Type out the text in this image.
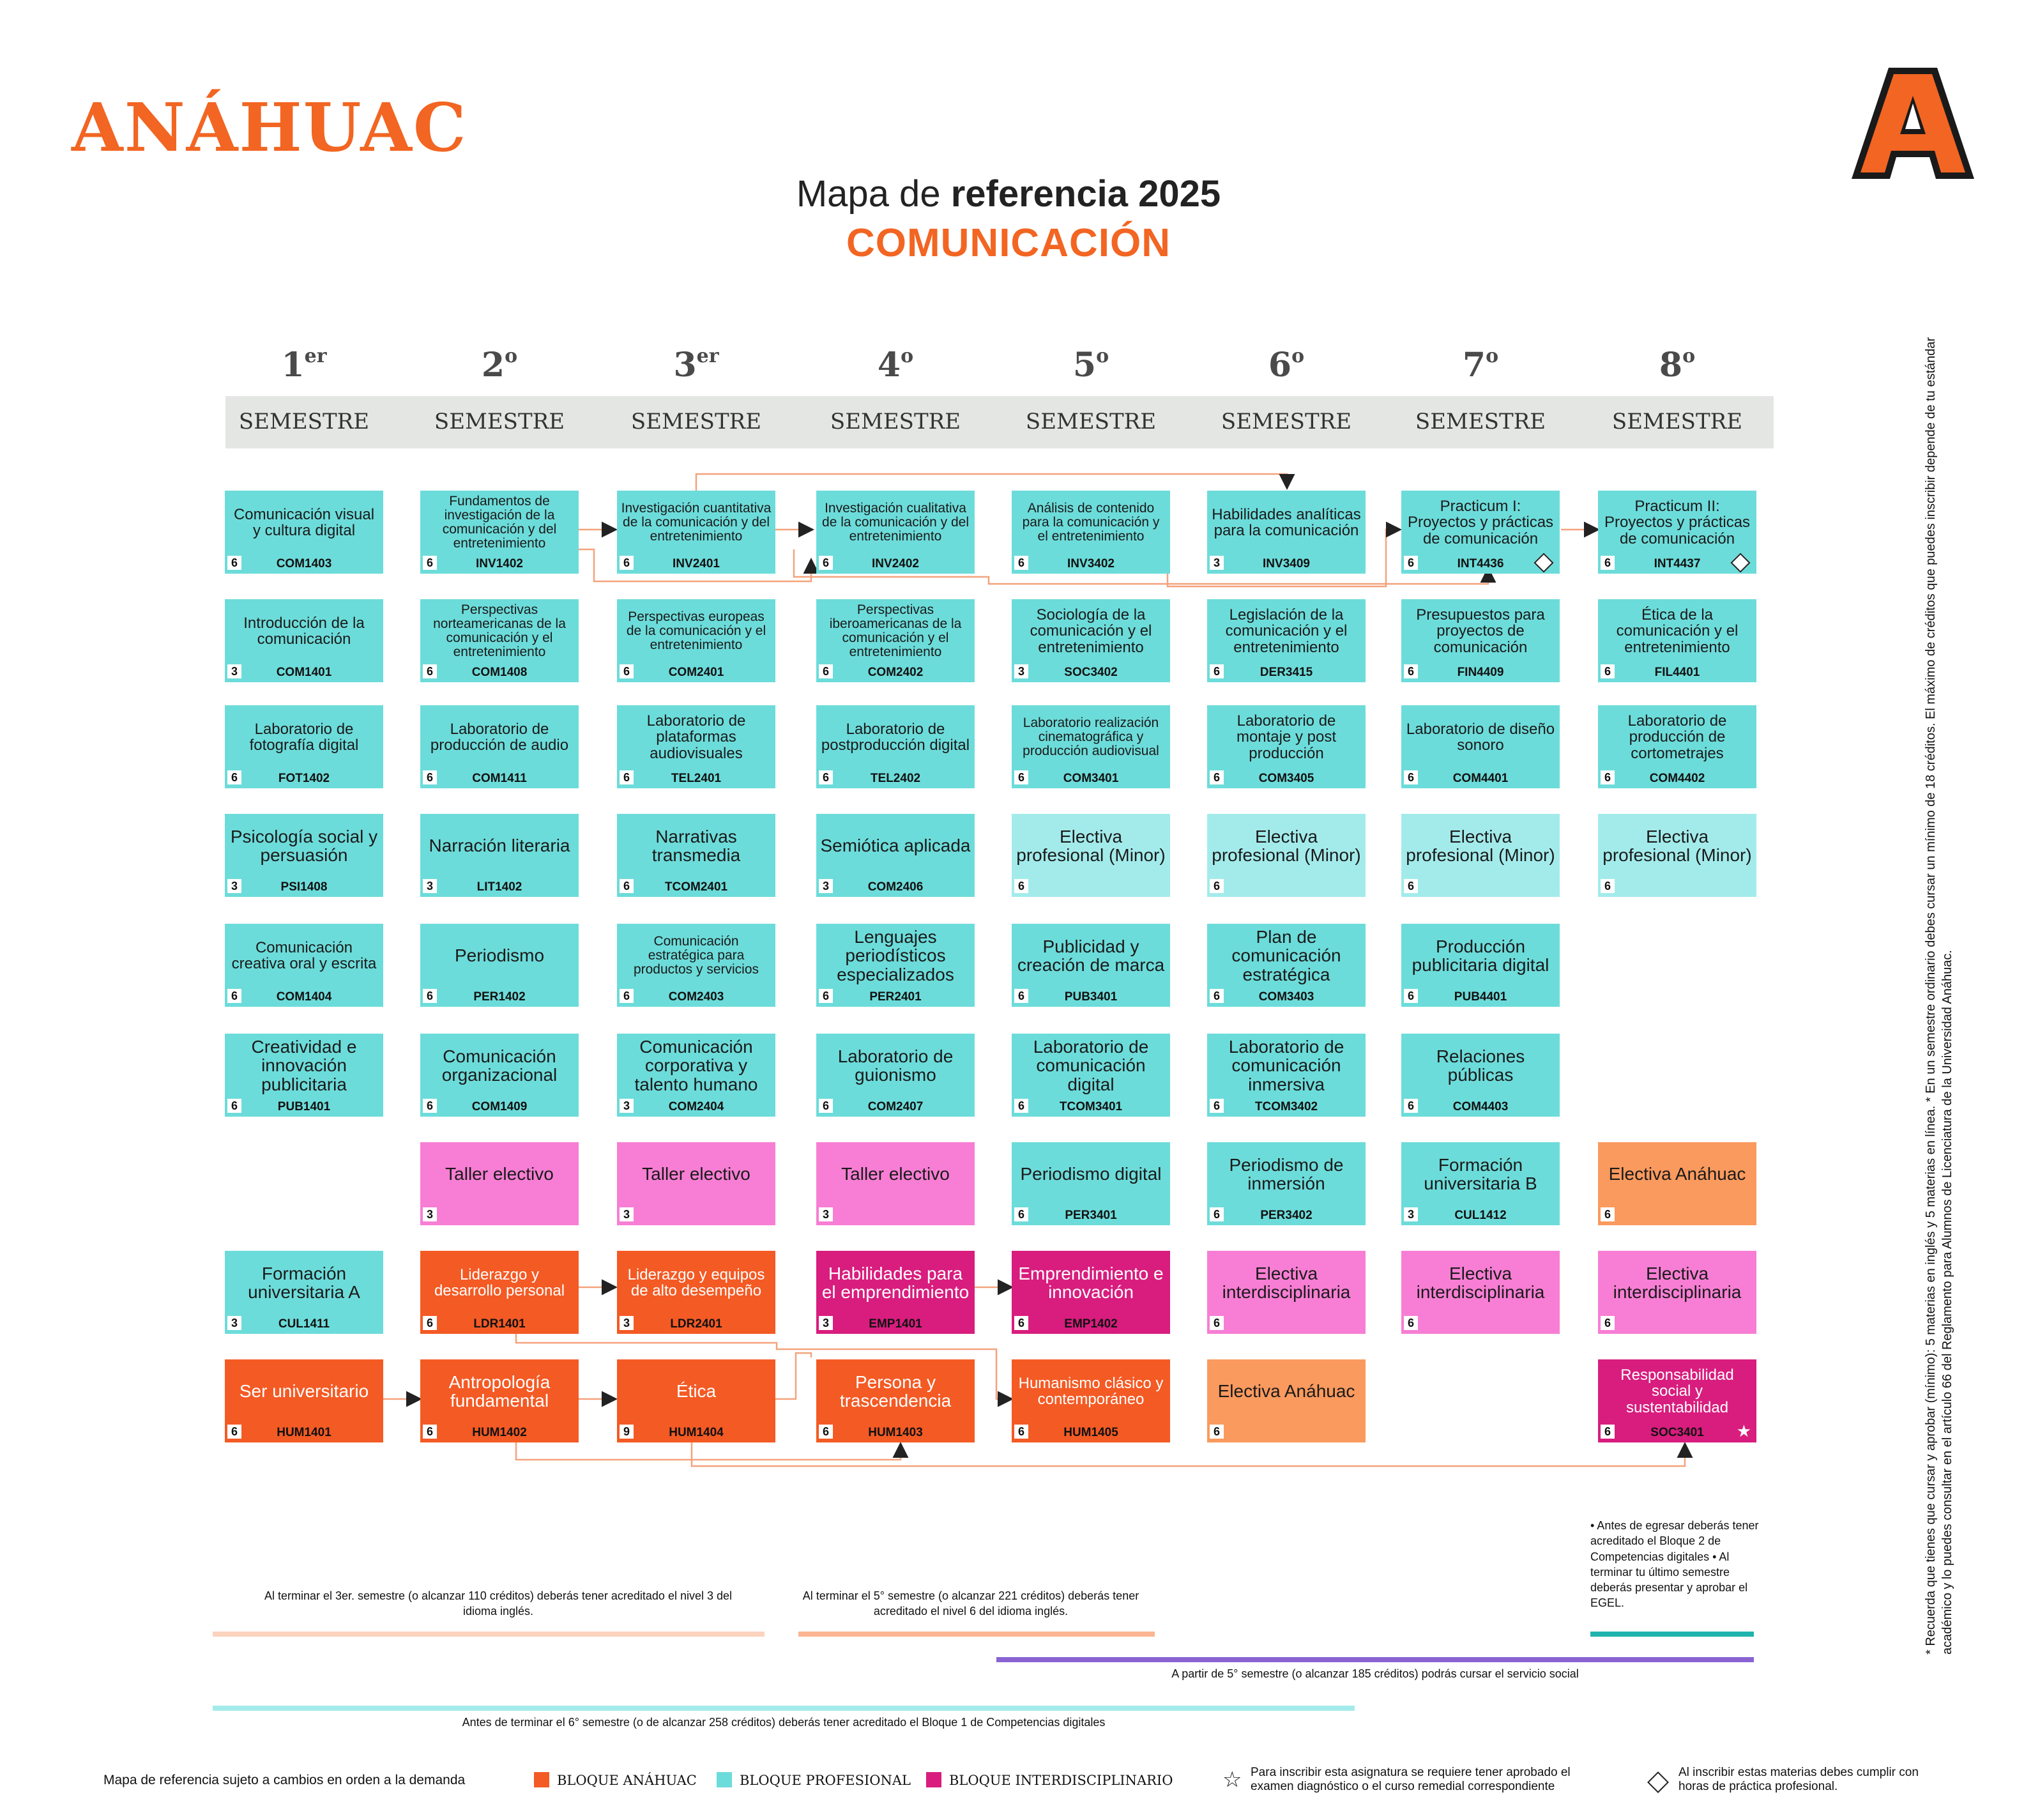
ANÁHUAC
Mapa de referencia 2025
COMUNICACIÓN
1er
SEMESTRE
2$^o$
SEMESTRE
3er
SEMESTRE
4$^o$
SEMESTRE
5$^o$
SEMESTRE
6$^o$
SEMESTRE
7$^o$
SEMESTRE
8$^o$
SEMESTRE
Comunicación visual y cultura digital
6	COM1403
Fundamentos de investigación de la comunicación y del entretenimiento
6	INV1402
Investigación cuantitativa de la comunicación y del entretenimiento
6	INV2401
Investigación cualitativa de la comunicación y del entretenimiento
6	INV2402
Análisis de contenido para la comunicación y el entretenimiento
6	INV3402
Habilidades analíticas para la comunicación
3	INV3409
Practicum I: Proyectos y prácticas de comunicación
6	INT4436
Practicum II: Proyectos y prácticas de comunicación
6	INT4437
Introducción de la comunicación
3	COM1401
Perspectivas norteamericanas de la comunicación y el entretenimiento
6	COM1408
Perspectivas europeas de la comunicación y el entretenimiento
6	COM2401
Perspectivas iberoamericanas de la comunicación y el entretenimiento
6	COM2402
Sociología de la comunicación y el entretenimiento
3	SOC3402
Legislación de la comunicación y el entretenimiento
6	DER3415
Presupuestos para proyectos de comunicación
6	FIN4409
Ética de la comunicación y el entretenimiento
6	FIL4401
Laboratorio de fotografía digital
6	FOT1402
Laboratorio de producción de audio
6	COM1411
Laboratorio de plataformas audiovisuales
6	TEL2401
Laboratorio de postproducción digital
6	TEL2402
Laboratorio realización cinematográfica y producción audiovisual
6	COM3401
Laboratorio de montaje y post producción
6	COM3405
Laboratorio de diseño sonoro
6	COM4401
Laboratorio de producción de cortometrajes
6	COM4402
Psicología social y persuasión
3	PSI1408
Narración literaria
3	LIT1402
Narrativas transmedia
6	TCOM2401
Semiótica aplicada
3	COM2406
Electiva profesional (Minor)
6
Electiva profesional (Minor)
6
Electiva profesional (Minor)
6
Electiva profesional (Minor)
6
Comunicación creativa oral y escrita
6	COM1404
Periodismo
6	PER1402
Comunicación estratégica para productos y servicios
6	COM2403
Lenguajes periodísticos especializados
6	PER2401
Publicidad y creación de marca
6	PUB3401
Plan de comunicación estratégica
6	COM3403
Producción publicitaria digital
6	PUB4401
Creatividad e innovación publicitaria
6	PUB1401
Comunicación organizacional
6	COM1409
Comunicación corporativa y talento humano
3	COM2404
Laboratorio de guionismo
6	COM2407
Laboratorio de comunicación digital
6	TCOM3401
Laboratorio de comunicación inmersiva
6	TCOM3402
Relaciones públicas
6	COM4403
Taller electivo
3
Taller electivo
3
Taller electivo
3
Periodismo digital
6	PER3401
Periodismo de inmersión
6	PER3402
Formación universitaria B
3	CUL1412
Electiva Anáhuac
6
Formación universitaria A
3	CUL1411
Liderazgo y desarrollo personal
6	LDR1401
Liderazgo y equipos de alto desempeño
3	LDR2401
Habilidades para el emprendimiento
3	EMP1401
Emprendimiento e innovación
6	EMP1402
Electiva interdisciplinaria
6
Electiva interdisciplinaria
6
Electiva interdisciplinaria
6
Ser universitario
6	HUM1401
Antropología fundamental
6	HUM1402
Ética
9	HUM1404
Persona y trascendencia
6	HUM1403
Humanismo clásico y contemporáneo
6	HUM1405
Electiva Anáhuac
6
Responsabilidad social y sustentabilidad
6	SOC3401	★
Al terminar el 3er. semestre (o alcanzar 110 créditos) deberás tener acreditado el nivel 3 del idioma inglés.
Al terminar el 5° semestre (o alcanzar 221 créditos) deberás tener acreditado el nivel 6 del idioma inglés.
• Antes de egresar deberás tener acreditado el Bloque 2 de Competencias digitales • Al terminar tu último semestre deberás presentar y aprobar el EGEL.
A partir de 5° semestre (o alcanzar 185 créditos) podrás cursar el servicio social
Antes de terminar el 6° semestre (o de alcanzar 258 créditos) deberás tener acreditado el Bloque 1 de Competencias digitales
* Recuerda que tienes que cursar y aprobar (mínimo): 5 materias en inglés y 5 materias en línea. * En un semestre ordinario debes cursar un mínimo de 18 créditos. El máximo de créditos que puedes inscribir depende de tu estándar académico y lo puedes consultar en el artículo 66 del Reglamento para Alumnos de Licenciatura de la Universidad Anáhuac.
Mapa de referencia sujeto a cambios en orden a la demanda	BLOQUE ANÁHUAC	BLOQUE PROFESIONAL	BLOQUE INTERDISCIPLINARIO ☆ Para inscribir esta asignatura se requiere tener aprobado el examen diagnóstico o el curso remedial correspondiente
Al inscribir estas materias debes cumplir con horas de práctica profesional.
